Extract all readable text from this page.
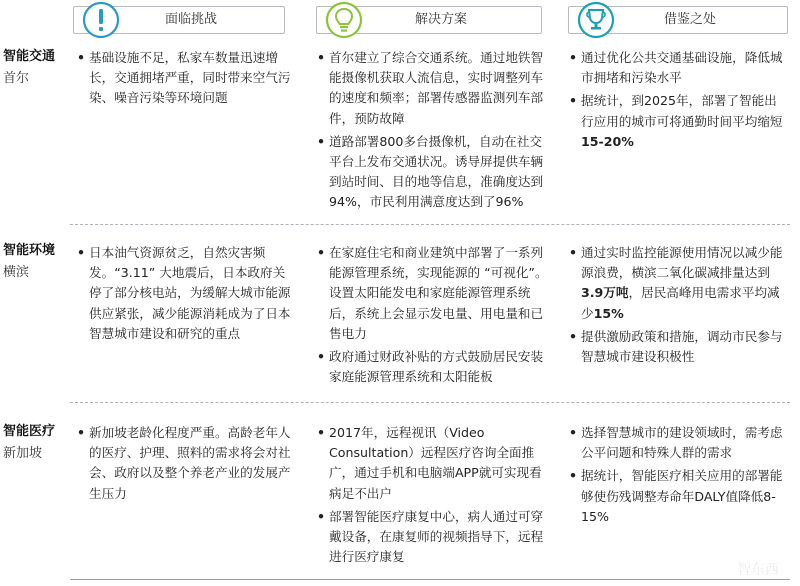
面临挑战	解决方案	借鉴之处
智能交通
首尔
• 基础设施不足，私家车数量迅速增长，交通拥堵严重，同时带来空气污染、噪音污染等环境问题
• 首尔建立了综合交通系统。通过地铁智能摄像机获取人流信息，实时调整列车的速度和频率；部署传感器监测列车部件，预防故障
• 道路部署800多台摄像机，自动在社交平台上发布交通状况。诱导屏提供车辆到站时间、目的地等信息，准确度达到94%，市民利用满意度达到了96%
• 通过优化公共交通基础设施，降低城市拥堵和污染水平
• 据统计，到2025年，部署了智能出行应用的城市可将通勤时间平均缩短15-20%
智能环境
横滨
• 日本油气资源贫乏，自然灾害频发。“3.11” 大地震后，日本政府关停了部分核电站，为缓解大城市能源供应紧张，减少能源消耗成为了日本智慧城市建设和研究的重点
• 在家庭住宅和商业建筑中部署了一系列能源管理系统，实现能源的 “可视化”。设置太阳能发电和家庭能源管理系统后，系统上会显示发电量、用电量和已售电力
• 政府通过财政补贴的方式鼓励居民安装家庭能源管理系统和太阳能板
• 通过实时监控能源使用情况以减少能源浪费，横滨二氧化碳减排量达到3.9万吨，居民高峰用电需求平均减少15%
• 提供激励政策和措施，调动市民参与智慧城市建设积极性
智能医疗
新加坡
• 新加坡老龄化程度严重。高龄老年人的医疗、护理、照料的需求将会对社会、政府以及整个养老产业的发展产生压力
• 2017年，远程视讯（Video Consultation）远程医疗咨询全面推广，通过手机和电脑端APP就可实现看病足不出户
• 部署智能医疗康复中心，病人通过可穿戴设备，在康复师的视频指导下，远程进行医疗康复
• 选择智慧城市的建设领域时，需考虑公平问题和特殊人群的需求
• 据统计，智能医疗相关应用的部署能够使伤残调整寿命年DALY值降低8-15%
智东西
